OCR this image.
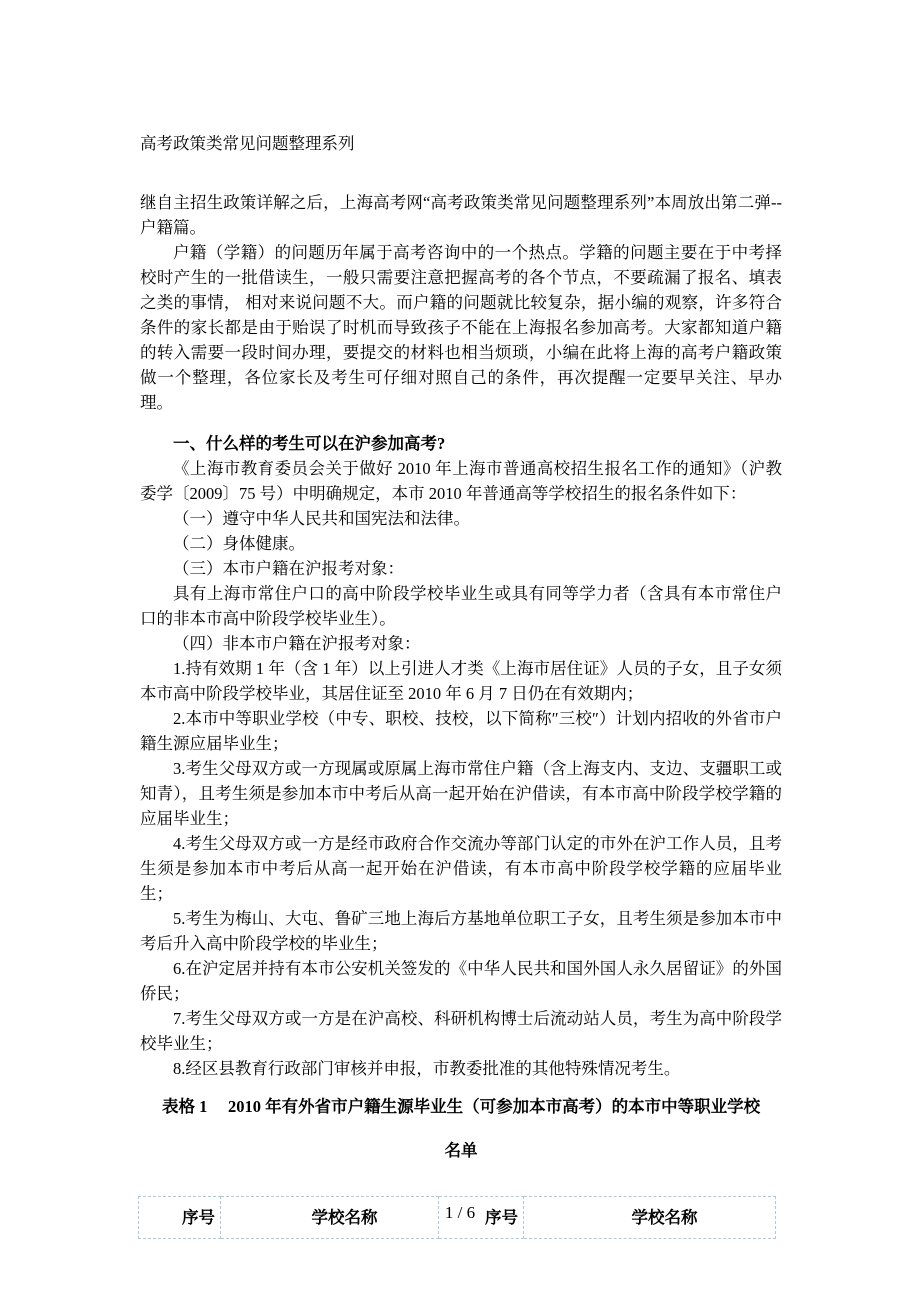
高考政策类常见问题整理系列
继自主招生政策详解之后，上海高考网“高考政策类常见问题整理系列”本周放出第二弹--户籍篇。
户籍（学籍）的问题历年属于高考咨询中的一个热点。学籍的问题主要在于中考择校时产生的一批借读生，一般只需要注意把握高考的各个节点，不要疏漏了报名、填表之类的事情， 相对来说问题不大。而户籍的问题就比较复杂，据小编的观察，许多符合条件的家长都是由于贻误了时机而导致孩子不能在上海报名参加高考。大家都知道户籍的转入需要一段时间办理，要提交的材料也相当烦琐，小编在此将上海的高考户籍政策做一个整理，各位家长及考生可仔细对照自己的条件，再次提醒一定要早关注、早办理。
一、什么样的考生可以在沪参加高考?
《上海市教育委员会关于做好 2010 年上海市普通高校招生报名工作的通知》（沪教委学〔2009〕75 号）中明确规定，本市 2010 年普通高等学校招生的报名条件如下：
（一）遵守中华人民共和国宪法和法律。
（二）身体健康。
（三）本市户籍在沪报考对象：
具有上海市常住户口的高中阶段学校毕业生或具有同等学力者（含具有本市常住户口的非本市高中阶段学校毕业生）。
（四）非本市户籍在沪报考对象：
1.持有效期 1 年（含 1 年）以上引进人才类《上海市居住证》人员的子女，且子女须本市高中阶段学校毕业，其居住证至 2010 年 6 月 7 日仍在有效期内；
2.本市中等职业学校（中专、职校、技校，以下简称″三校″）计划内招收的外省市户籍生源应届毕业生；
3.考生父母双方或一方现属或原属上海市常住户籍（含上海支内、支边、支疆职工或知青），且考生须是参加本市中考后从高一起开始在沪借读，有本市高中阶段学校学籍的应届毕业生；
4.考生父母双方或一方是经市政府合作交流办等部门认定的市外在沪工作人员，且考生须是参加本市中考后从高一起开始在沪借读，有本市高中阶段学校学籍的应届毕业生；
5.考生为梅山、大屯、鲁矿三地上海后方基地单位职工子女，且考生须是参加本市中考后升入高中阶段学校的毕业生；
6.在沪定居并持有本市公安机关签发的《中华人民共和国外国人永久居留证》的外国侨民；
7.考生父母双方或一方是在沪高校、科研机构博士后流动站人员，考生为高中阶段学校毕业生；
8.经区县教育行政部门审核并申报，市教委批准的其他特殊情况考生。
表格 1　 2010 年有外省市户籍生源毕业生（可参加本市高考）的本市中等职业学校
名单
序号	学校名称	序号	学校名称
1 / 6
